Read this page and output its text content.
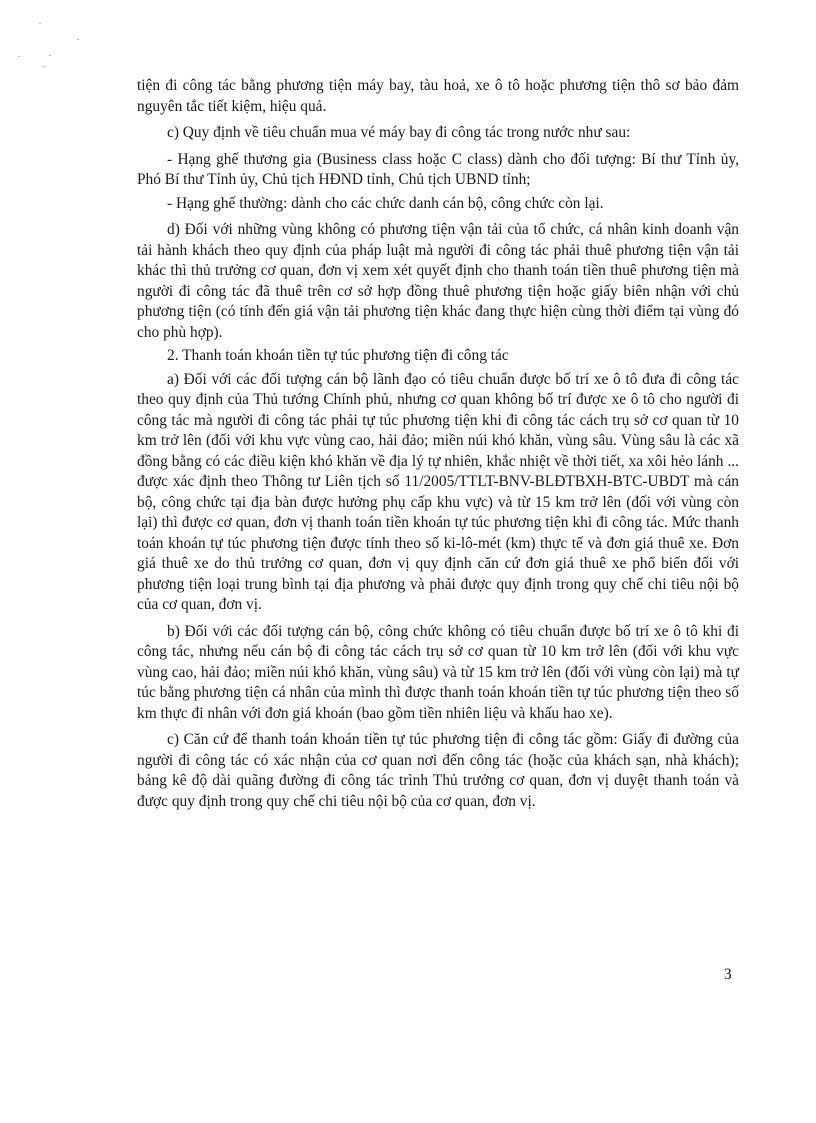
tiện đi công tác bằng phương tiện máy bay, tàu hoả, xe ô tô hoặc phương tiện thô sơ bảo đảm nguyên tắc tiết kiệm, hiệu quả.

c) Quy định về tiêu chuẩn mua vé máy bay đi công tác trong nước như sau:

- Hạng ghế thương gia (Business class hoặc C class) dành cho đối tượng: Bí thư Tỉnh ủy, Phó Bí thư Tỉnh ủy, Chủ tịch HĐND tỉnh, Chủ tịch UBND tỉnh;

- Hạng ghế thường: dành cho các chức danh cán bộ, công chức còn lại.

d) Đối với những vùng không có phương tiện vận tải của tổ chức, cá nhân kinh doanh vận tải hành khách theo quy định của pháp luật mà người đi công tác phải thuê phương tiện vận tải khác thì thủ trưởng cơ quan, đơn vị xem xét quyết định cho thanh toán tiền thuê phương tiện mà người đi công tác đã thuê trên cơ sở hợp đồng thuê phương tiện hoặc giấy biên nhận với chủ phương tiện (có tính đến giá vận tải phương tiện khác đang thực hiện cùng thời điểm tại vùng đó cho phù hợp).

2. Thanh toán khoán tiền tự túc phương tiện đi công tác

a) Đối với các đối tượng cán bộ lãnh đạo có tiêu chuẩn được bố trí xe ô tô đưa đi công tác theo quy định của Thủ tướng Chính phủ, nhưng cơ quan không bố trí được xe ô tô cho người đi công tác mà người đi công tác phải tự túc phương tiện khi đi công tác cách trụ sở cơ quan từ 10 km trở lên (đối với khu vực vùng cao, hải đảo; miền núi khó khăn, vùng sâu. Vùng sâu là các xã đồng bằng có các điều kiện khó khăn về địa lý tự nhiên, khắc nhiệt về thời tiết, xa xôi hẻo lánh ... được xác định theo Thông tư Liên tịch số 11/2005/TTLT-BNV-BLĐTBXH-BTC-UBDT mà cán bộ, công chức tại địa bàn được hưởng phụ cấp khu vực) và từ 15 km trở lên (đối với vùng còn lại) thì được cơ quan, đơn vị thanh toán tiền khoán tự túc phương tiện khi đi công tác. Mức thanh toán khoán tự túc phương tiện được tính theo số ki-lô-mét (km) thực tế và đơn giá thuê xe. Đơn giá thuê xe do thủ trưởng cơ quan, đơn vị quy định căn cứ đơn giá thuê xe phổ biến đối với phương tiện loại trung bình tại địa phương và phải được quy định trong quy chế chi tiêu nội bộ của cơ quan, đơn vị.

b) Đối với các đối tượng cán bộ, công chức không có tiêu chuẩn được bố trí xe ô tô khi đi công tác, nhưng nếu cán bộ đi công tác cách trụ sở cơ quan từ 10 km trở lên (đối với khu vực vùng cao, hải đảo; miền núi khó khăn, vùng sâu) và từ 15 km trở lên (đối với vùng còn lại) mà tự túc bằng phương tiện cá nhân của mình thì được thanh toán khoán tiền tự túc phương tiện theo số km thực đi nhân với đơn giá khoán (bao gồm tiền nhiên liệu và khấu hao xe).

c) Căn cứ để thanh toán khoán tiền tự túc phương tiện đi công tác gồm: Giấy đi đường của người đi công tác có xác nhận của cơ quan nơi đến công tác (hoặc của khách sạn, nhà khách); bảng kê độ dài quãng đường đi công tác trình Thủ trưởng cơ quan, đơn vị duyệt thanh toán và được quy định trong quy chế chi tiêu nội bộ của cơ quan, đơn vị.

3
